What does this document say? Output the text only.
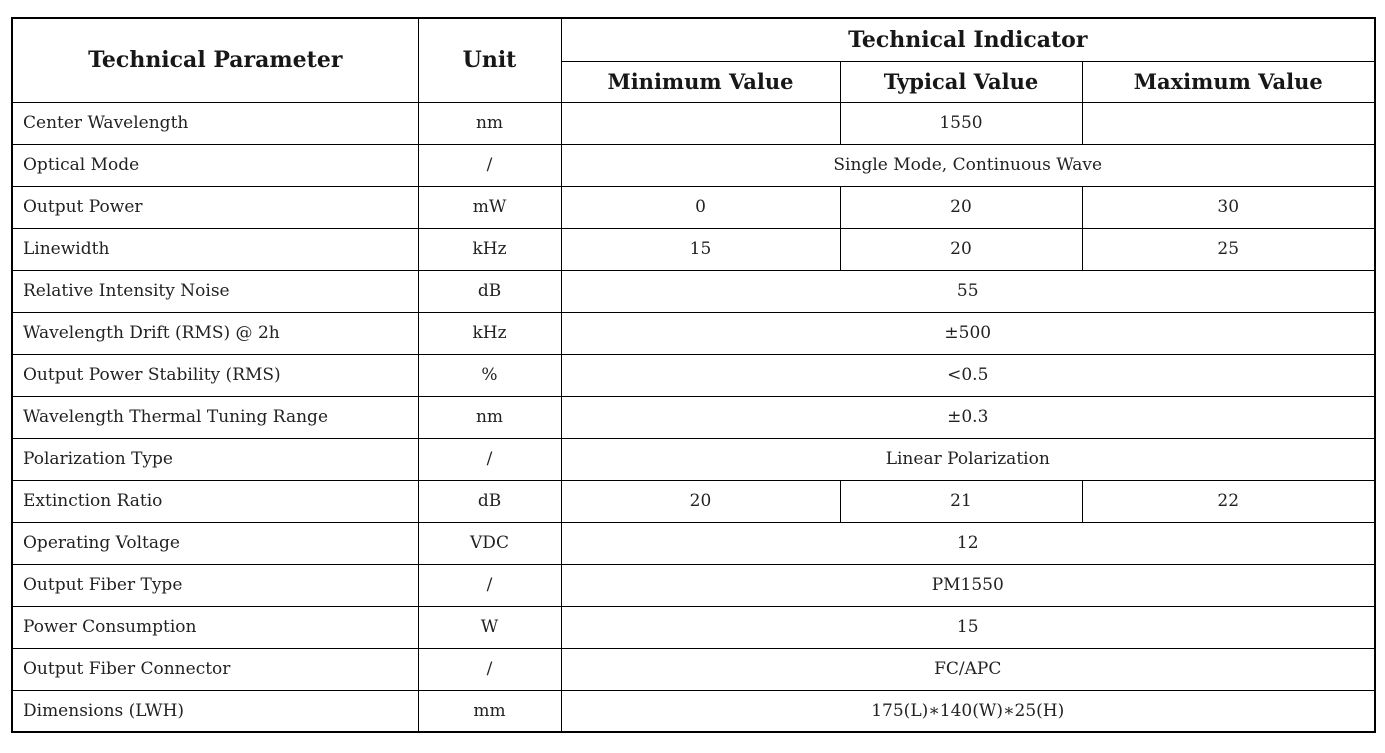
Technical Parameter	Unit	Technical Indicator		
		Minimum Value	Typical Value	Maximum Value
Center Wavelength	nm		1550	
Optical Mode	/	Single Mode, Continuous Wave		
Output Power	mW	0	20	30
Linewidth	kHz	15	20	25
Relative Intensity Noise	dB	55		
Wavelength Drift (RMS) @ 2h	kHz	±500		
Output Power Stability (RMS)	%	<0.5		
Wavelength Thermal Tuning Range	nm	±0.3		
Polarization Type	/	Linear Polarization		
Extinction Ratio	dB	20	21	22
Operating Voltage	VDC	12		
Output Fiber Type	/	PM1550		
Power Consumption	W	15		
Output Fiber Connector	/	FC/APC		
Dimensions (LWH)	mm	175(L)∗140(W)∗25(H)		
